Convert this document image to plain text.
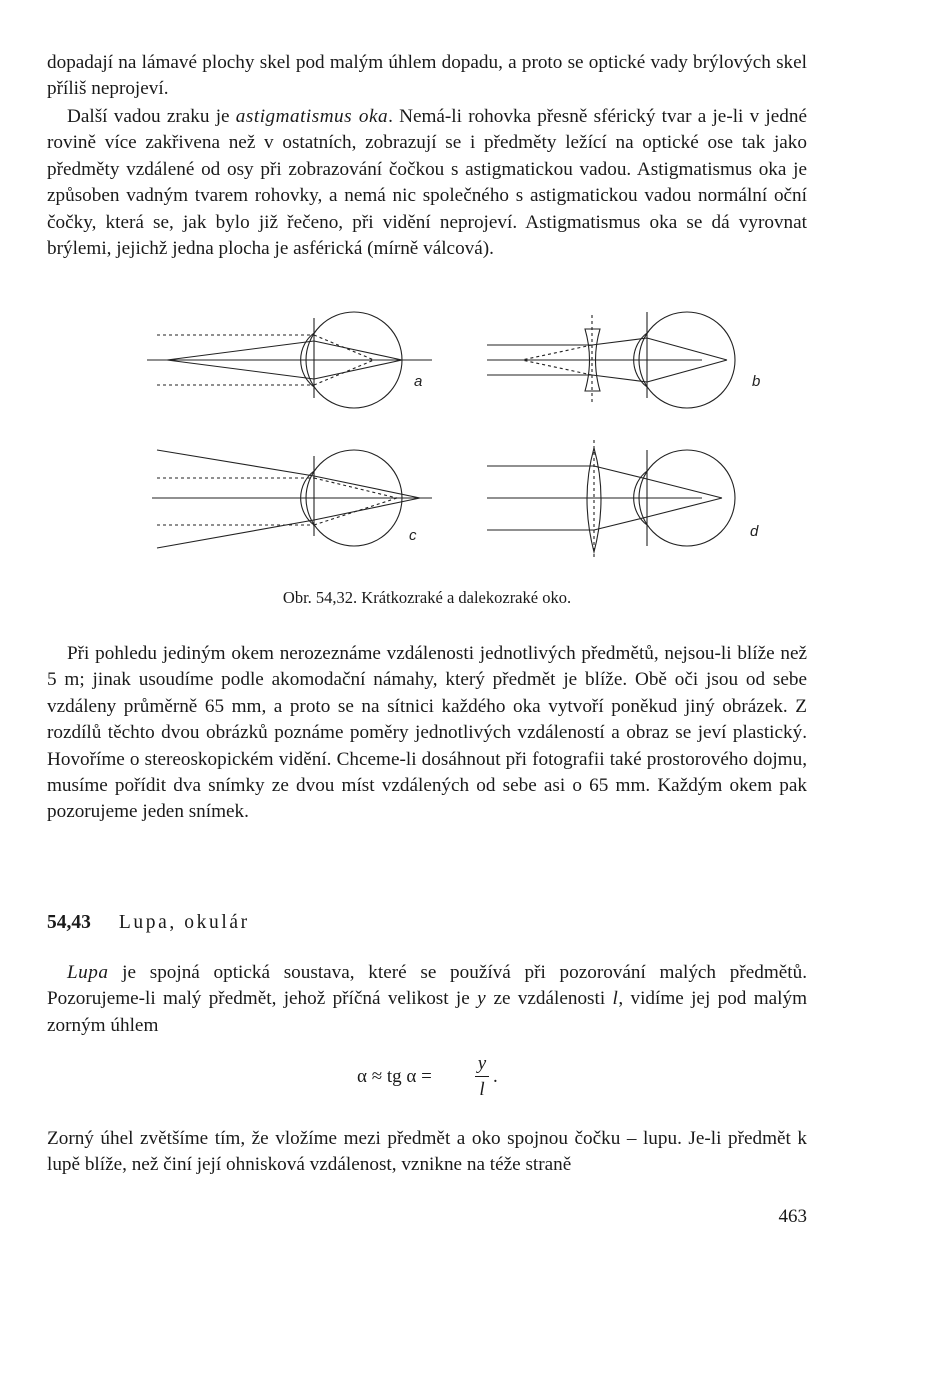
dopadají na lámavé plochy skel pod malým úhlem dopadu, a proto se optické vady brýlových skel příliš neprojeví.

Další vadou zraku je astigmatismus oka. Nemá-li rohovka přesně sférický tvar a je-li v jedné rovině více zakřivena než v ostatních, zobrazují se i předměty ležící na optické ose tak jako předměty vzdálené od osy při zobrazování čočkou s astigmatickou vadou. Astigmatismus oka je způsoben vadným tvarem rohovky, a nemá nic společného s astigmatickou vadou normální oční čočky, která se, jak bylo již řečeno, při vidění neprojeví. Astigmatismus oka se dá vyrovnat brýlemi, jejichž jedna plocha je asférická (mírně válcová).

a	b
c	d
Obr. 54,32. Krátkozraké a dalekozraké oko.

Při pohledu jediným okem nerozeznáme vzdálenosti jednotlivých předmětů, nejsou-li blíže než 5 m; jinak usoudíme podle akomodační námahy, který předmět je blíže. Obě oči jsou od sebe vzdáleny průměrně 65 mm, a proto se na sítnici každého oka vytvoří poněkud jiný obrázek. Z rozdílů těchto dvou obrázků poznáme poměry jednotlivých vzdáleností a obraz se jeví plastický. Hovoříme o stereoskopickém vidění. Chceme-li dosáhnout při fotografii také prostorového dojmu, musíme pořídit dva snímky ze dvou míst vzdálených od sebe asi o 65 mm. Každým okem pak pozorujeme jeden snímek.

54,43 Lupa, okulár

Lupa je spojná optická soustava, které se používá při pozorování malých předmětů. Pozorujeme-li malý předmět, jehož příčná velikost je y ze vzdálenosti l, vidíme jej pod malým zorným úhlem

α ≈ tg α =
y
l
.

Zorný úhel zvětšíme tím, že vložíme mezi předmět a oko spojnou čočku – lupu. Je-li předmět k lupě blíže, než činí její ohnisková vzdálenost, vznikne na téže straně

463
